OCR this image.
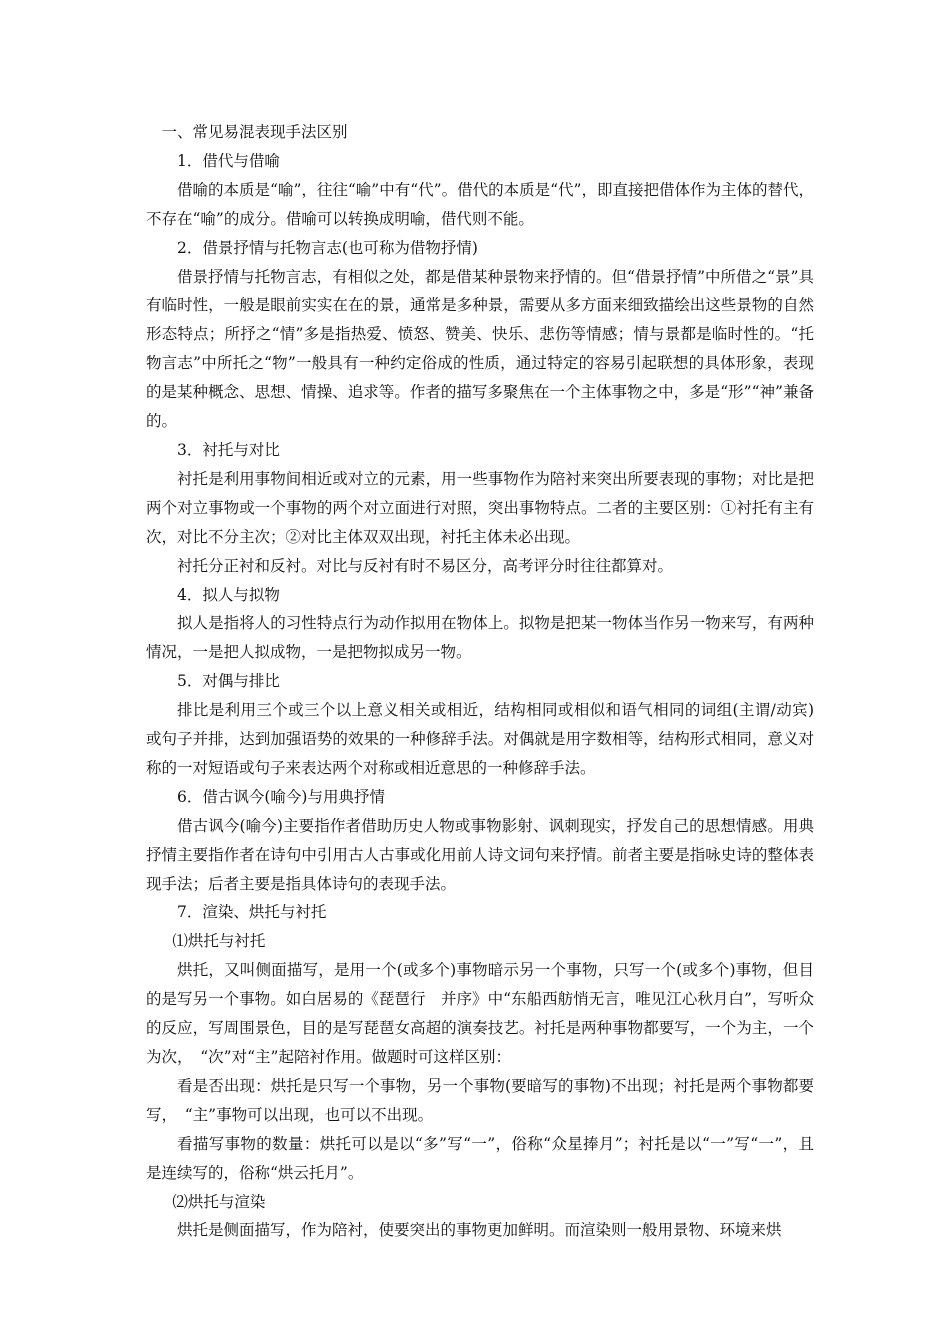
一、常见易混表现手法区别
1．借代与借喻

借喻的本质是“喻”，往往“喻”中有“代”。借代的本质是“代”，即直接把借体作为主体的替代，不存在“喻”的成分。借喻可以转换成明喻，借代则不能。

2．借景抒情与托物言志(也可称为借物抒情)

借景抒情与托物言志，有相似之处，都是借某种景物来抒情的。但“借景抒情”中所借之“景”具有临时性，一般是眼前实实在在的景，通常是多种景，需要从多方面来细致描绘出这些景物的自然形态特点；所抒之“情”多是指热爱、愤怒、赞美、快乐、悲伤等情感；情与景都是临时性的。“托物言志”中所托之“物”一般具有一种约定俗成的性质，通过特定的容易引起联想的具体形象，表现的是某种概念、思想、情操、追求等。作者的描写多聚焦在一个主体事物之中，多是“形”“神”兼备的。

3．衬托与对比

衬托是利用事物间相近或对立的元素，用一些事物作为陪衬来突出所要表现的事物；对比是把两个对立事物或一个事物的两个对立面进行对照，突出事物特点。二者的主要区别：①衬托有主有次，对比不分主次；②对比主体双双出现，衬托主体未必出现。

衬托分正衬和反衬。对比与反衬有时不易区分，高考评分时往往都算对。

4．拟人与拟物

拟人是指将人的习性特点行为动作拟用在物体上。拟物是把某一物体当作另一物来写，有两种情况，一是把人拟成物，一是把物拟成另一物。

5．对偶与排比

排比是利用三个或三个以上意义相关或相近，结构相同或相似和语气相同的词组(主谓/动宾)或句子并排，达到加强语势的效果的一种修辞手法。对偶就是用字数相等，结构形式相同，意义对称的一对短语或句子来表达两个对称或相近意思的一种修辞手法。

6．借古讽今(喻今)与用典抒情

借古讽今(喻今)主要指作者借助历史人物或事物影射、讽刺现实，抒发自己的思想情感。用典抒情主要指作者在诗句中引用古人古事或化用前人诗文词句来抒情。前者主要是指咏史诗的整体表现手法；后者主要是指具体诗句的表现手法。

7．渲染、烘托与衬托
⑴烘托与衬托

烘托，又叫侧面描写，是用一个(或多个)事物暗示另一个事物，只写一个(或多个)事物，但目的是写另一个事物。如白居易的《琵琶行　并序》中“东船西舫悄无言，唯见江心秋月白”，写听众的反应，写周围景色，目的是写琵琶女高超的演奏技艺。衬托是两种事物都要写，一个为主，一个为次，　“次”对“主”起陪衬作用。做题时可这样区别：

看是否出现：烘托是只写一个事物，另一个事物(要暗写的事物)不出现；衬托是两个事物都要写，　“主”事物可以出现，也可以不出现。

看描写事物的数量：烘托可以是以“多”写“一”，俗称“众星捧月”；衬托是以“一”写“一”，且是连续写的，俗称“烘云托月”。

⑵烘托与渲染

烘托是侧面描写，作为陪衬，使要突出的事物更加鲜明。而渲染则一般用景物、环境来烘
